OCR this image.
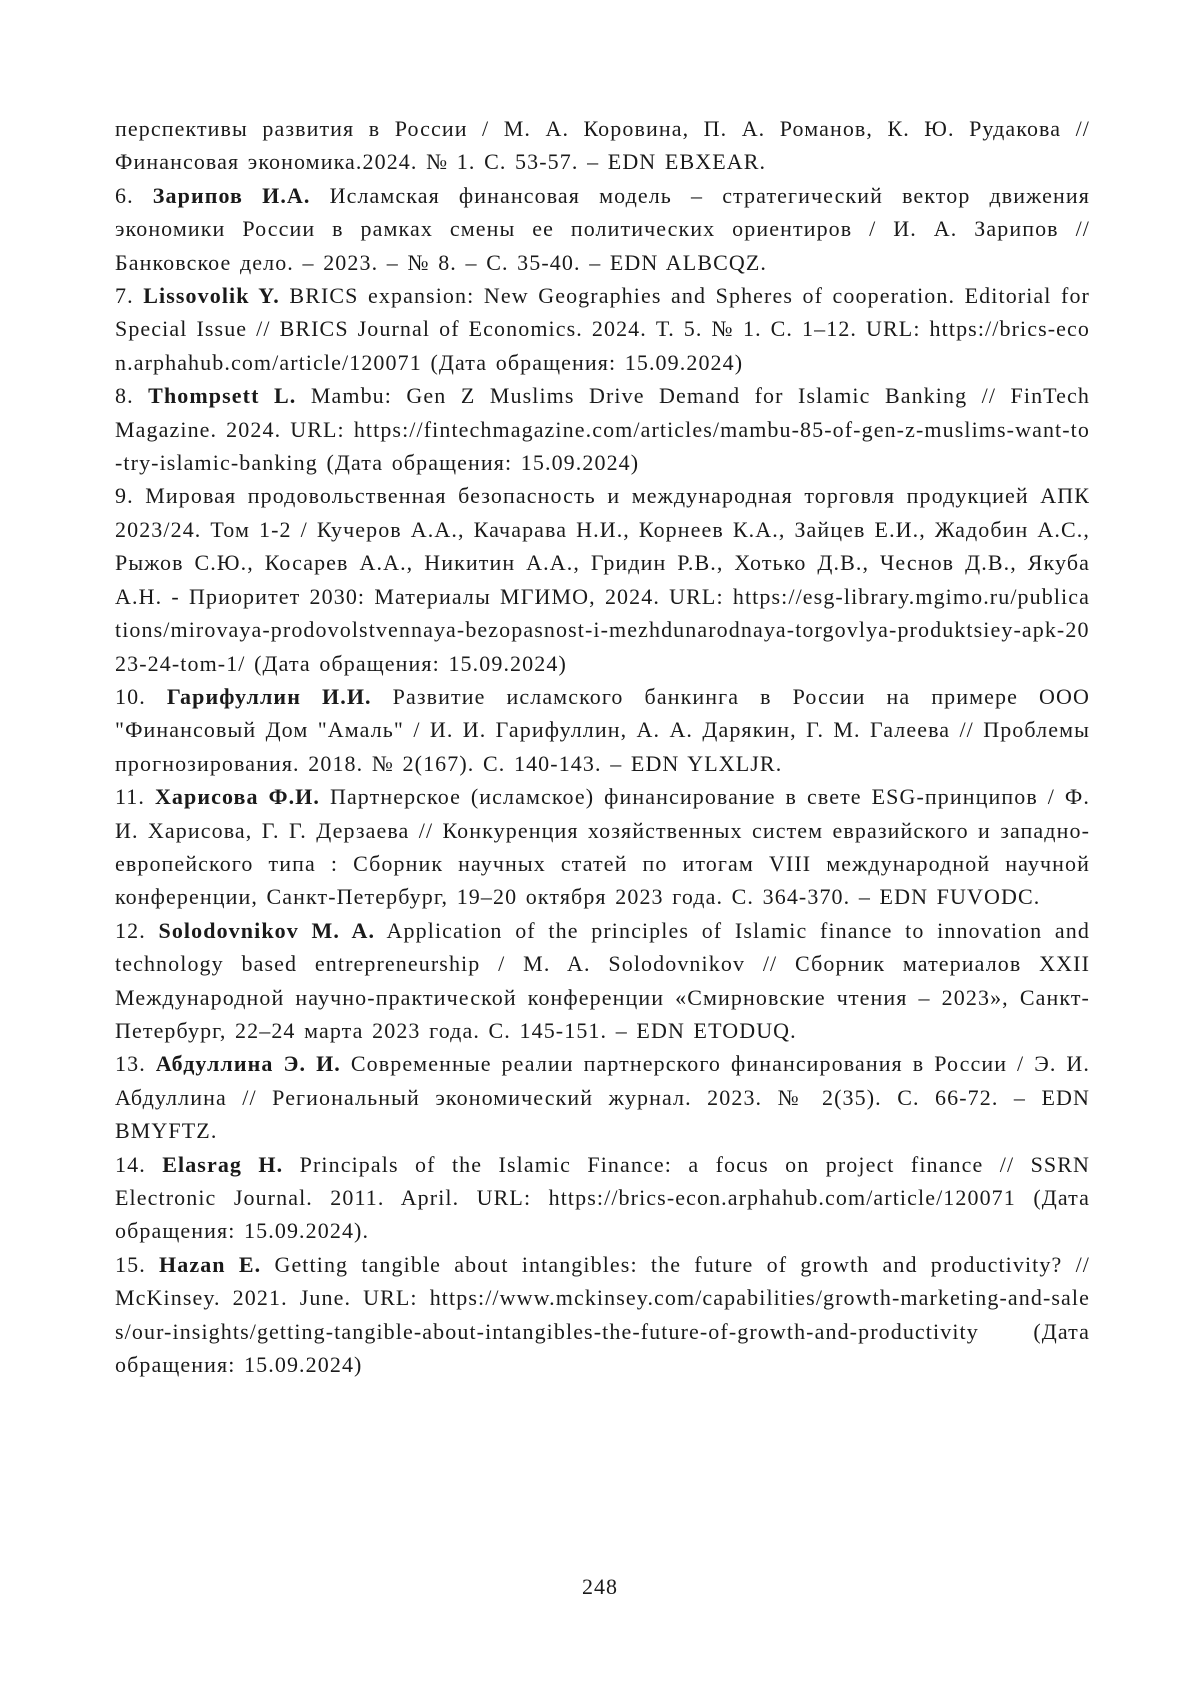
перспективы развития в России / М. А. Коровина, П. А. Романов, К. Ю. Рудакова // Финансовая экономика.2024. № 1. С. 53-57. – EDN EBXEAR.

6. Зарипов И.А. Исламская финансовая модель – стратегический вектор движения экономики России в рамках смены ее политических ориентиров / И. А. Зарипов // Банковское дело. – 2023. – № 8. – С. 35-40. – EDN ALBCQZ.

7. Lissovolik Y. BRICS expansion: New Geographies and Spheres of cooperation. Editorial for Special Issue // BRICS Journal of Economics. 2024. Т. 5. № 1. С. 1–12. URL: https://brics-econ.arphahub.com/article/120071 (Дата обращения: 15.09.2024)

8. Thompsett L. Mambu: Gen Z Muslims Drive Demand for Islamic Banking // FinTech Magazine. 2024. URL: https://fintechmagazine.com/articles/mambu-85-of-gen-z-muslims-want-to-try-islamic-banking (Дата обращения: 15.09.2024)

9. Мировая продовольственная безопасность и международная торговля продукцией АПК 2023/24. Том 1-2 / Кучеров А.А., Качарава Н.И., Корнеев К.А., Зайцев Е.И., Жадобин А.С., Рыжов С.Ю., Косарев А.А., Никитин А.А., Гридин Р.В., Хотько Д.В., Чеснов Д.В., Якуба А.Н. - Приоритет 2030: Материалы МГИМО, 2024. URL: https://esg-library.mgimo.ru/publications/mirovaya-prodovolstvennaya-bezopasnost-i-mezhdunarodnaya-torgovlya-produktsiey-apk-2023-24-tom-1/ (Дата обращения: 15.09.2024)

10. Гарифуллин И.И. Развитие исламского банкинга в России на примере ООО "Финансовый Дом "Амаль" / И. И. Гарифуллин, А. А. Дарякин, Г. М. Галеева // Проблемы прогнозирования. 2018. № 2(167). С. 140-143. – EDN YLXLJR.

11. Харисова Ф.И. Партнерское (исламское) финансирование в свете ESG-принципов / Ф. И. Харисова, Г. Г. Дерзаева // Конкуренция хозяйственных систем евразийского и западно-европейского типа : Сборник научных статей по итогам VIII международной научной конференции, Санкт-Петербург, 19–20 октября 2023 года. С. 364-370. – EDN FUVODC.

12. Solodovnikov M. A. Application of the principles of Islamic finance to innovation and technology based entrepreneurship / M. A. Solodovnikov // Сборник материалов XXII Международной научно-практической конференции «Смирновские чтения – 2023», Санкт-Петербург, 22–24 марта 2023 года. С. 145-151. – EDN ETODUQ.

13. Абдуллина Э. И. Современные реалии партнерского финансирования в России / Э. И. Абдуллина // Региональный экономический журнал. 2023. № 2(35). С. 66-72. – EDN BMYFTZ.

14. Elasrag H. Principals of the Islamic Finance: a focus on project finance // SSRN Electronic Journal. 2011. April. URL: https://brics-econ.arphahub.com/article/120071 (Дата обращения: 15.09.2024).

15. Hazan E. Getting tangible about intangibles: the future of growth and productivity? // McKinsey. 2021. June. URL: https://www.mckinsey.com/capabilities/growth-marketing-and-sales/our-insights/getting-tangible-about-intangibles-the-future-of-growth-and-productivity (Дата обращения: 15.09.2024)

248
